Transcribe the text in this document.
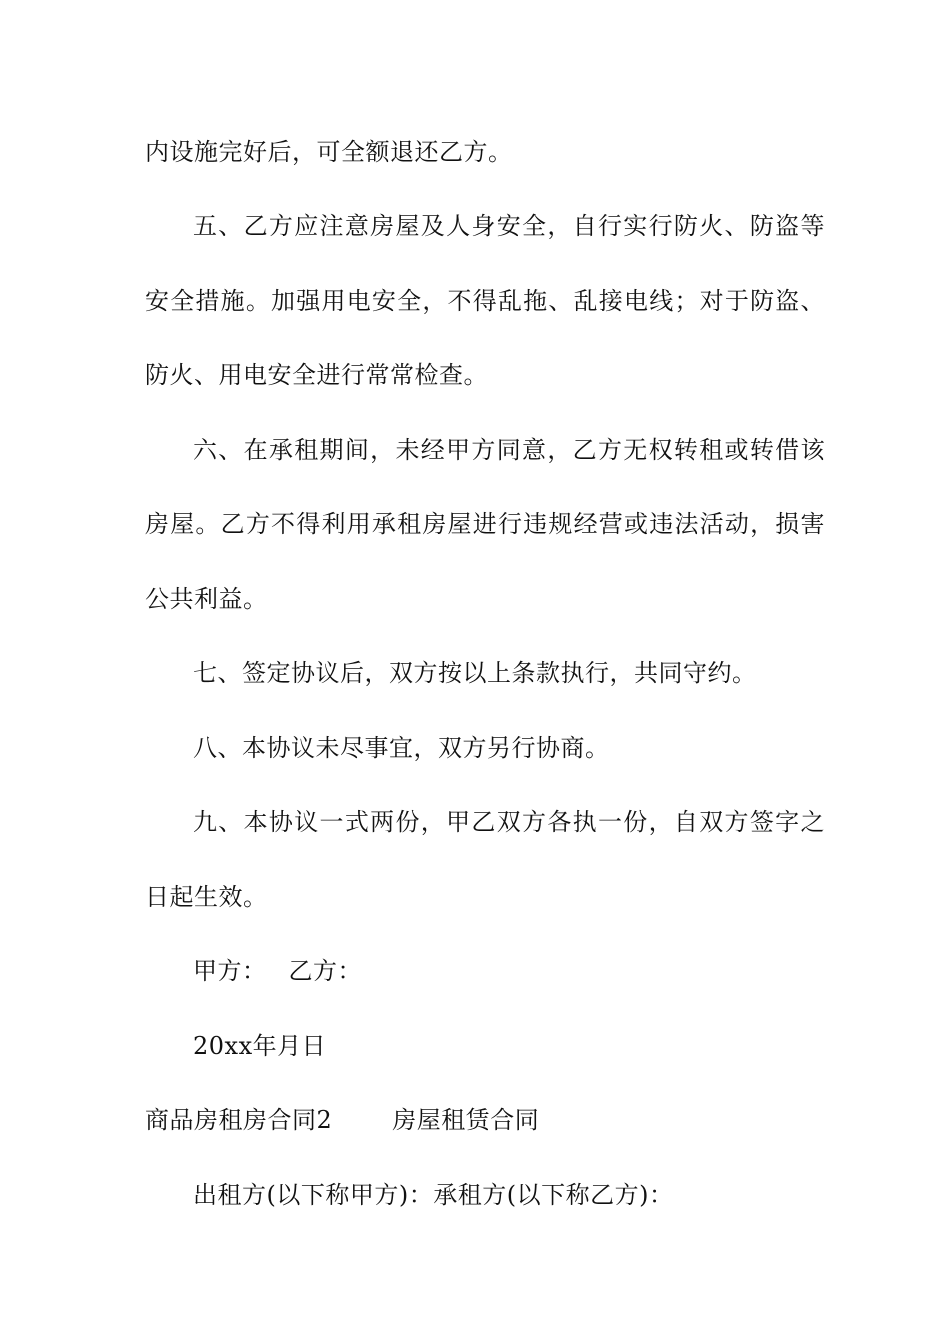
内设施完好后，可全额退还乙方。
五、乙方应注意房屋及人身安全，自行实行防火、防盗等
安全措施。加强用电安全，不得乱拖、乱接电线；对于防盗、
防火、用电安全进行常常检查。
六、在承租期间，未经甲方同意，乙方无权转租或转借该
房屋。乙方不得利用承租房屋进行违规经营或违法活动，损害
公共利益。
七、签定协议后，双方按以上条款执行，共同守约。
八、本协议未尽事宜，双方另行协商。
九、本协议一式两份，甲乙双方各执一份，自双方签字之
日起生效。
甲方： 乙方：
20xx年月日
商品房租房合同2	房屋租赁合同
出租方(以下称甲方)：承租方(以下称乙方)：
